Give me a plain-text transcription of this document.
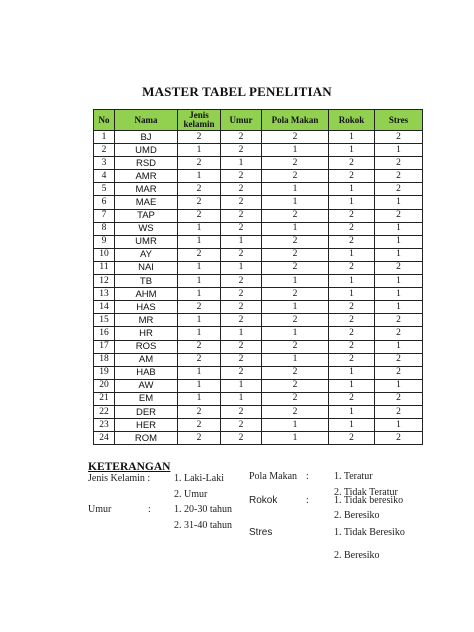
MASTER TABEL PENELITIAN
No	Nama	Jenis kelamin	Umur	Pola Makan	Rokok	Stres
1	BJ	2	2	2	1	2
2	UMD	1	2	1	1	1
3	RSD	2	1	2	2	2
4	AMR	1	2	2	2	2
5	MAR	2	2	1	1	2
6	MAE	2	2	1	1	1
7	TAP	2	2	2	2	2
8	WS	1	2	1	2	1
9	UMR	1	1	2	2	1
10	AY	2	2	2	1	1
11	NAI	1	1	2	2	2
12	TB	1	2	1	1	1
13	AHM	1	2	2	1	1
14	HAS	2	2	1	2	1
15	MR	1	2	2	2	2
16	HR	1	1	1	2	2
17	ROS	2	2	2	2	1
18	AM	2	2	1	2	2
19	HAB	1	2	2	1	2
20	AW	1	1	2	1	1
21	EM	1	1	2	2	2
22	DER	2	2	2	1	2
23	HER	2	2	1	1	1
24	ROM	2	2	1	2	2
KETERANGAN
Jenis Kelamin : 1. Laki-Laki
2. Umur
Umur	: 1. 20-30 tahun
2. 31-40 tahun
Pola Makan :	1. Teratur
2. Tidak Teratur
Rokok	:	1. Tidak beresiko
2. Beresiko
Stres	1. Tidak Beresiko
2. Beresiko
